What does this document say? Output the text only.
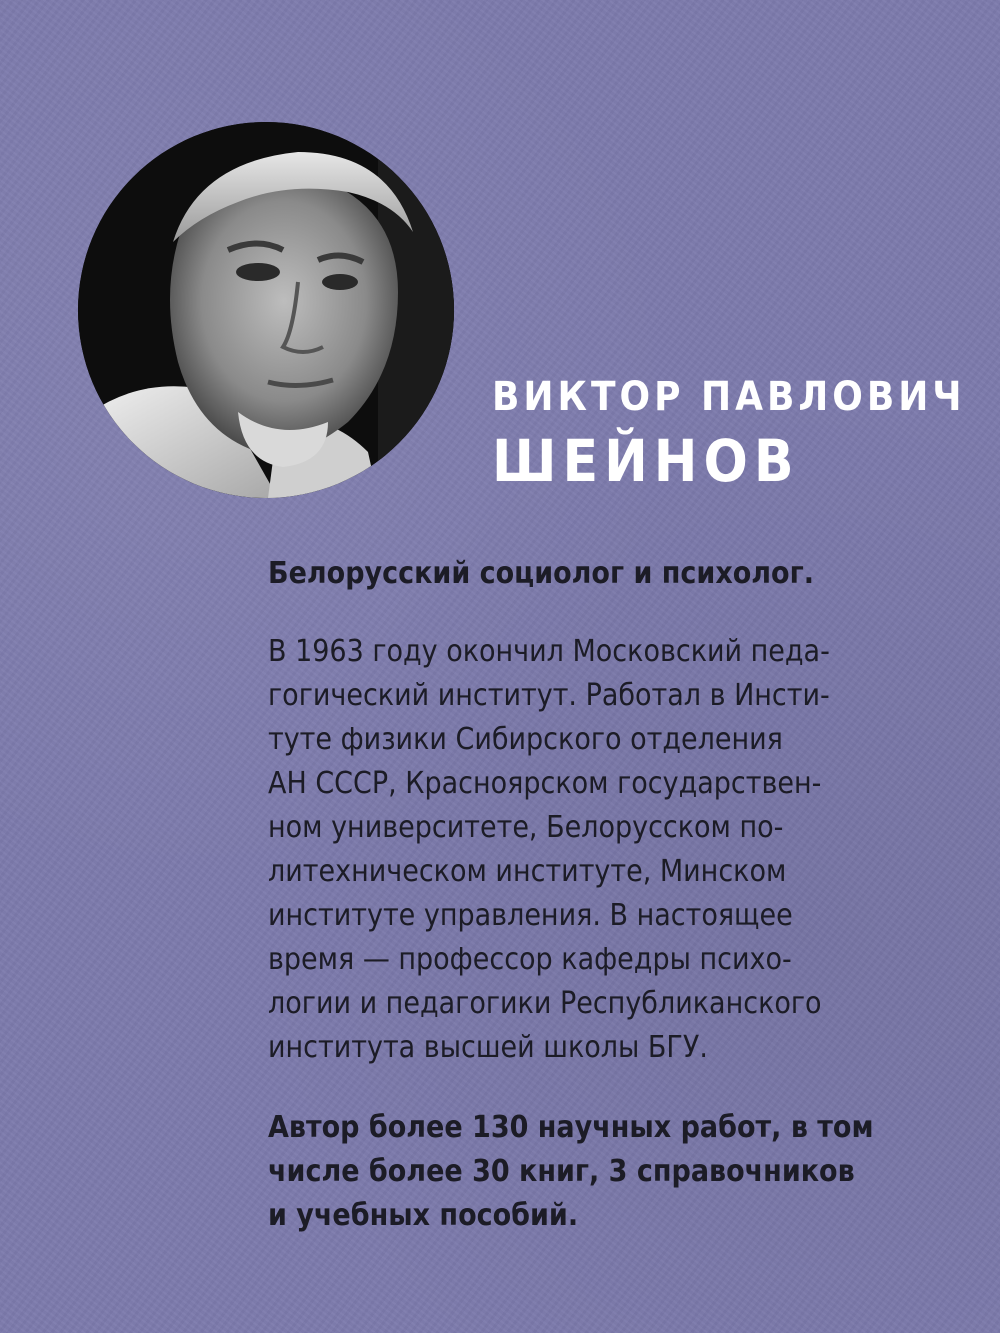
ВИКТОР ПАВЛОВИЧ
ШЕЙНОВ

Белорусский социолог и психолог.

В 1963 году окончил Московский педа-
гогический институт. Работал в Инсти-
туте физики Сибирского отделения
АН СССР, Красноярском государствен-
ном университете, Белорусском по-
литехническом институте, Минском
институте управления. В настоящее
время — профессор кафедры психо-
логии и педагогики Республиканского
института высшей школы БГУ.

Автор более 130 научных работ, в том
числе более 30 книг, 3 справочников
и учебных пособий.
